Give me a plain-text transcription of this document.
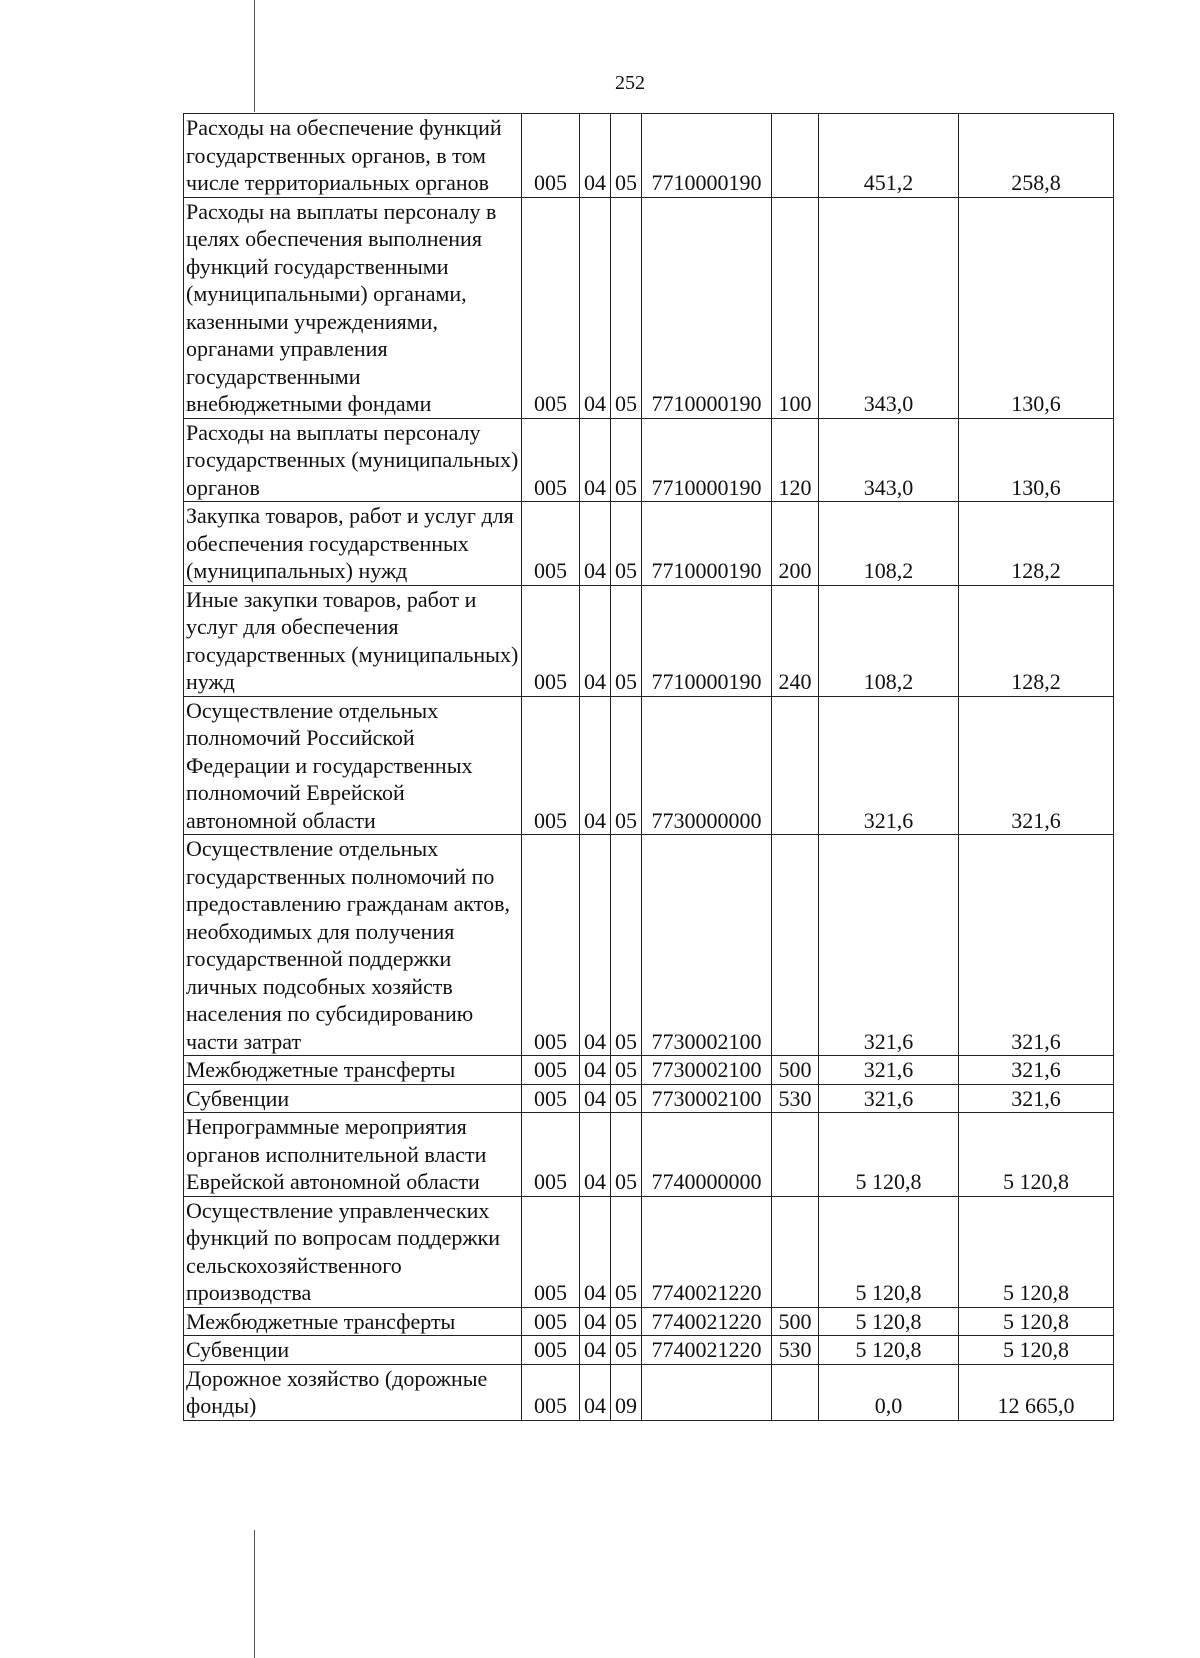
252
Расходы на обеспечение функций государственных органов, в том числе территориальных органов	005	04	05	7710000190		451,2	258,8
Расходы на выплаты персоналу в целях обеспечения выполнения функций государственными (муниципальными) органами, казенными учреждениями, органами управления государственными внебюджетными фондами	005	04	05	7710000190	100	343,0	130,6
Расходы на выплаты персоналу государственных (муниципальных) органов	005	04	05	7710000190	120	343,0	130,6
Закупка товаров, работ и услуг для обеспечения государственных (муниципальных) нужд	005	04	05	7710000190	200	108,2	128,2
Иные закупки товаров, работ и услуг для обеспечения государственных (муниципальных) нужд	005	04	05	7710000190	240	108,2	128,2
Осуществление отдельных полномочий Российской Федерации и государственных полномочий Еврейской автономной области	005	04	05	7730000000		321,6	321,6
Осуществление отдельных государственных полномочий по предоставлению гражданам актов, необходимых для получения государственной поддержки личных подсобных хозяйств населения по субсидированию части затрат	005	04	05	7730002100		321,6	321,6
Межбюджетные трансферты	005	04	05	7730002100	500	321,6	321,6
Субвенции	005	04	05	7730002100	530	321,6	321,6
Непрограммные мероприятия органов исполнительной власти Еврейской автономной области	005	04	05	7740000000		5 120,8	5 120,8
Осуществление управленческих функций по вопросам поддержки сельскохозяйственного производства	005	04	05	7740021220		5 120,8	5 120,8
Межбюджетные трансферты	005	04	05	7740021220	500	5 120,8	5 120,8
Субвенции	005	04	05	7740021220	530	5 120,8	5 120,8
Дорожное хозяйство (дорожные фонды)	005	04	09			0,0	12 665,0
